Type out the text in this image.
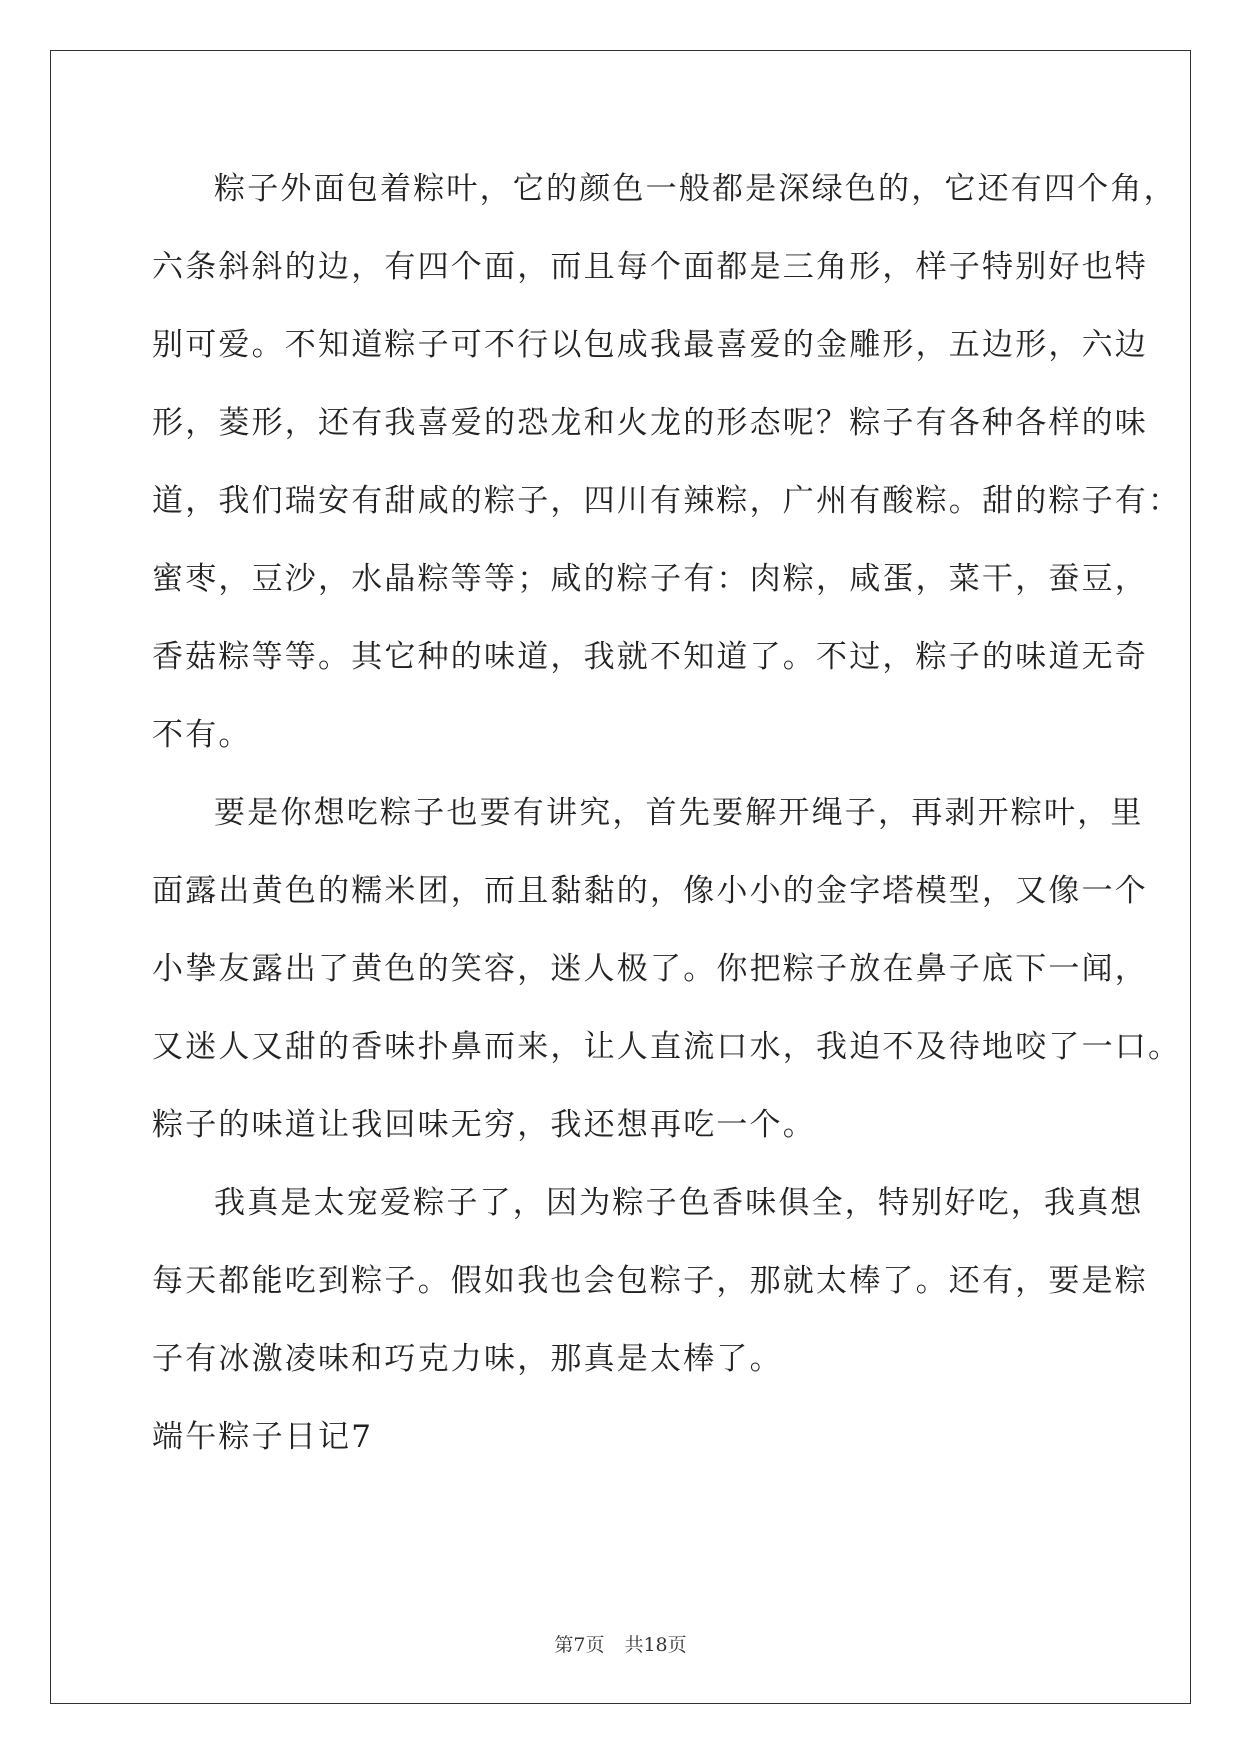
粽子外面包着粽叶，它的颜色一般都是深绿色的，它还有四个角，

六条斜斜的边，有四个面，而且每个面都是三角形，样子特别好也特

别可爱。不知道粽子可不行以包成我最喜爱的金雕形，五边形，六边

形，菱形，还有我喜爱的恐龙和火龙的形态呢？粽子有各种各样的味

道，我们瑞安有甜咸的粽子，四川有辣粽，广州有酸粽。甜的粽子有：

蜜枣，豆沙，水晶粽等等；咸的粽子有：肉粽，咸蛋，菜干，蚕豆，

香菇粽等等。其它种的味道，我就不知道了。不过，粽子的味道无奇

不有。

要是你想吃粽子也要有讲究，首先要解开绳子，再剥开粽叶，里

面露出黄色的糯米团，而且黏黏的，像小小的金字塔模型，又像一个

小挚友露出了黄色的笑容，迷人极了。你把粽子放在鼻子底下一闻，

又迷人又甜的香味扑鼻而来，让人直流口水，我迫不及待地咬了一口。

粽子的味道让我回味无穷，我还想再吃一个。

我真是太宠爱粽子了，因为粽子色香味俱全，特别好吃，我真想

每天都能吃到粽子。假如我也会包粽子，那就太棒了。还有，要是粽

子有冰激凌味和巧克力味，那真是太棒了。

端午粽子日记7

第7页 共18页
